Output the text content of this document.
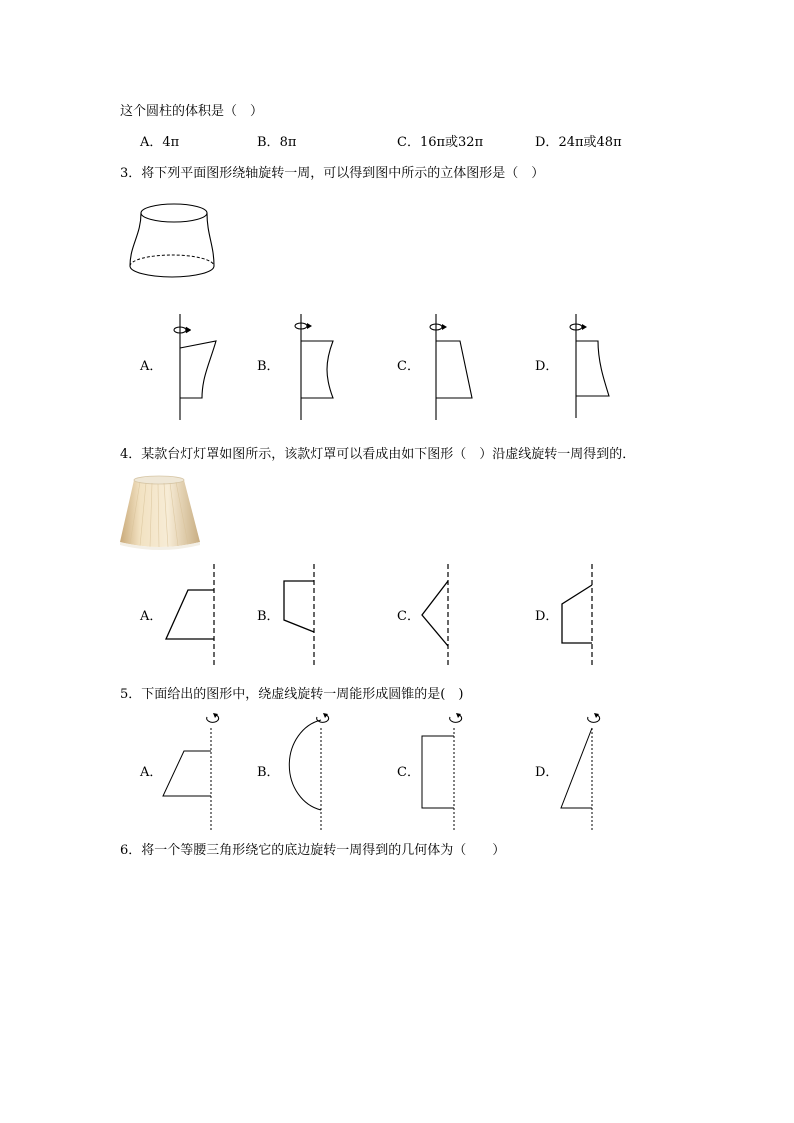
这个圆柱的体积是（　）
A．4π	B．8π	C．16π或32π	D．24π或48π
3．将下列平面图形绕轴旋转一周，可以得到图中所示的立体图形是（　）
A．	B．	C．	D．
4．某款台灯灯罩如图所示，该款灯罩可以看成由如下图形（　）沿虚线旋转一周得到的．
A．	B．	C．	D．
5．下面给出的图形中，绕虚线旋转一周能形成圆锥的是(　)
A．	B．	C．	D．
6．将一个等腰三角形绕它的底边旋转一周得到的几何体为（　　）
